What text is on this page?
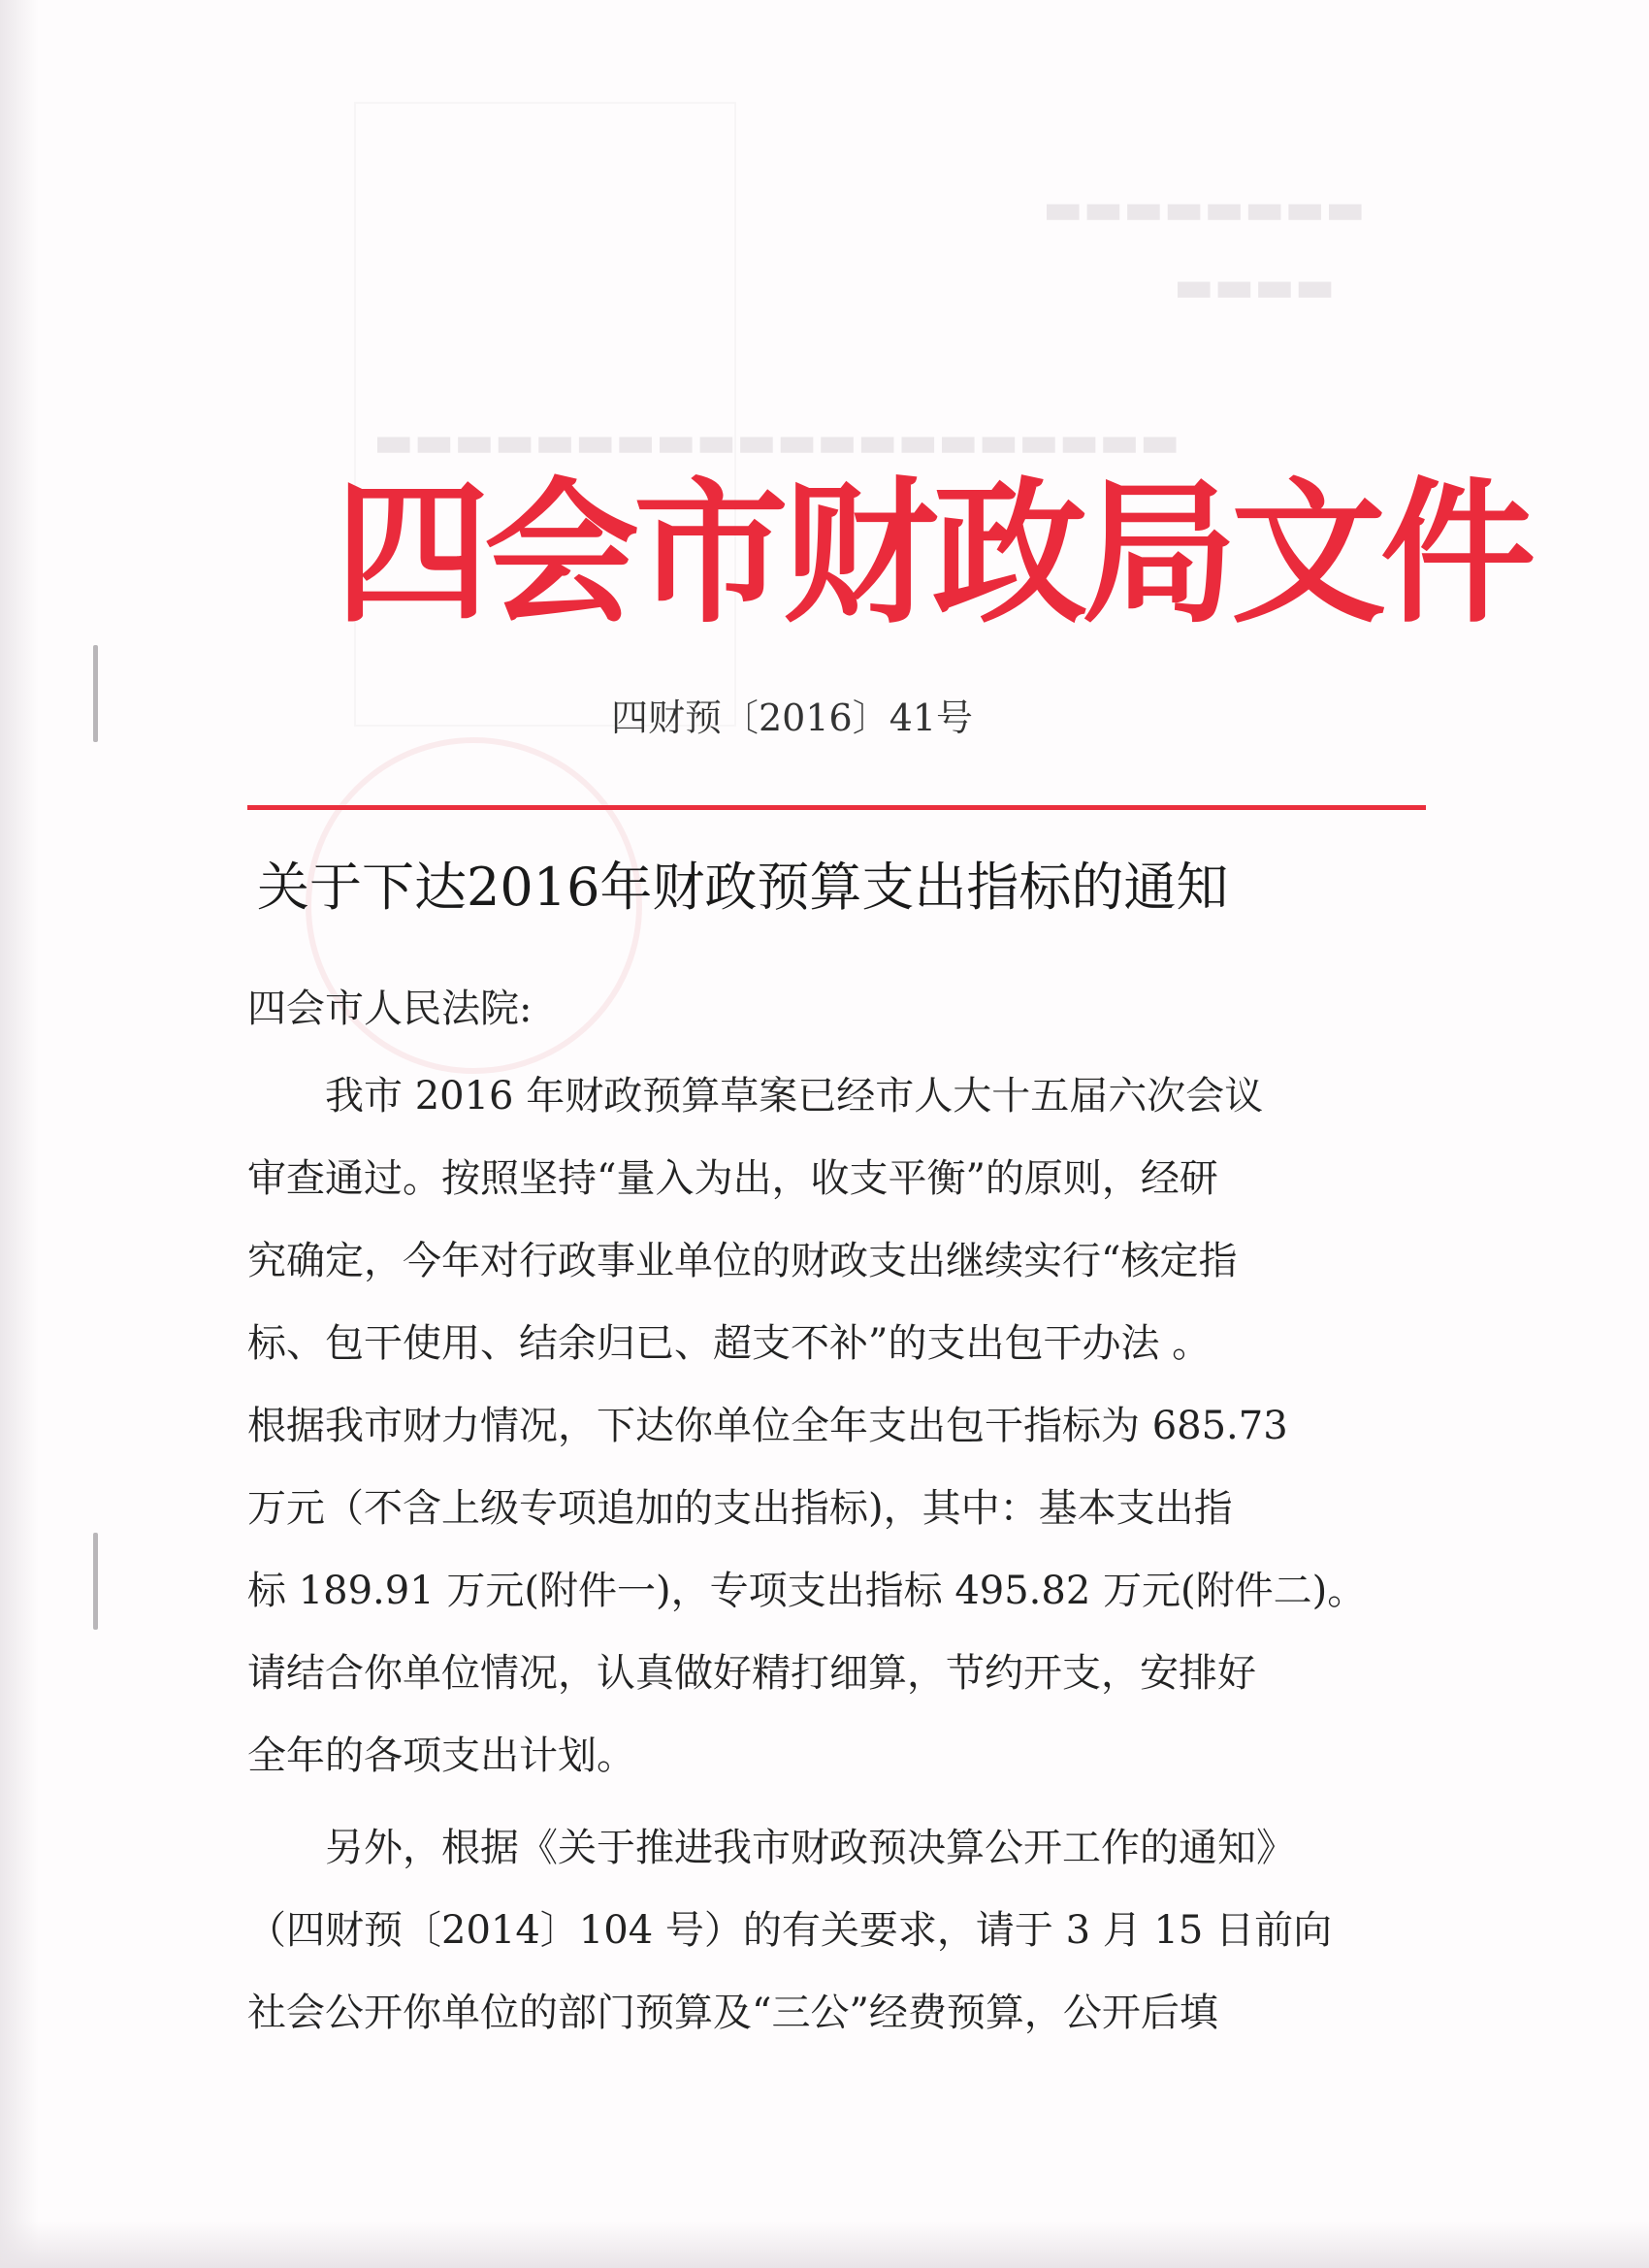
▬▬▬▬▬▬▬▬
▬▬▬▬
▬▬▬▬▬▬▬▬▬▬▬▬▬▬▬▬▬▬▬▬
四会市财政局文件
四财预〔2016〕41号
关于下达2016年财政预算支出指标的通知
四会市人民法院:
我市 2016 年财政预算草案已经市人大十五届六次会议
审查通过。按照坚持“量入为出，收支平衡”的原则，经研
究确定，今年对行政事业单位的财政支出继续实行“核定指
标、包干使用、结余归已、超支不补”的支出包干办法 。
根据我市财力情况，下达你单位全年支出包干指标为 685.73
万元（不含上级专项追加的支出指标)，其中：基本支出指
标 189.91 万元(附件一)，专项支出指标 495.82 万元(附件二)。
请结合你单位情况，认真做好精打细算，节约开支，安排好
全年的各项支出计划。
另外，根据《关于推进我市财政预决算公开工作的通知》
（四财预〔2014〕104 号）的有关要求，请于 3 月 15 日前向
社会公开你单位的部门预算及“三公”经费预算，公开后填
